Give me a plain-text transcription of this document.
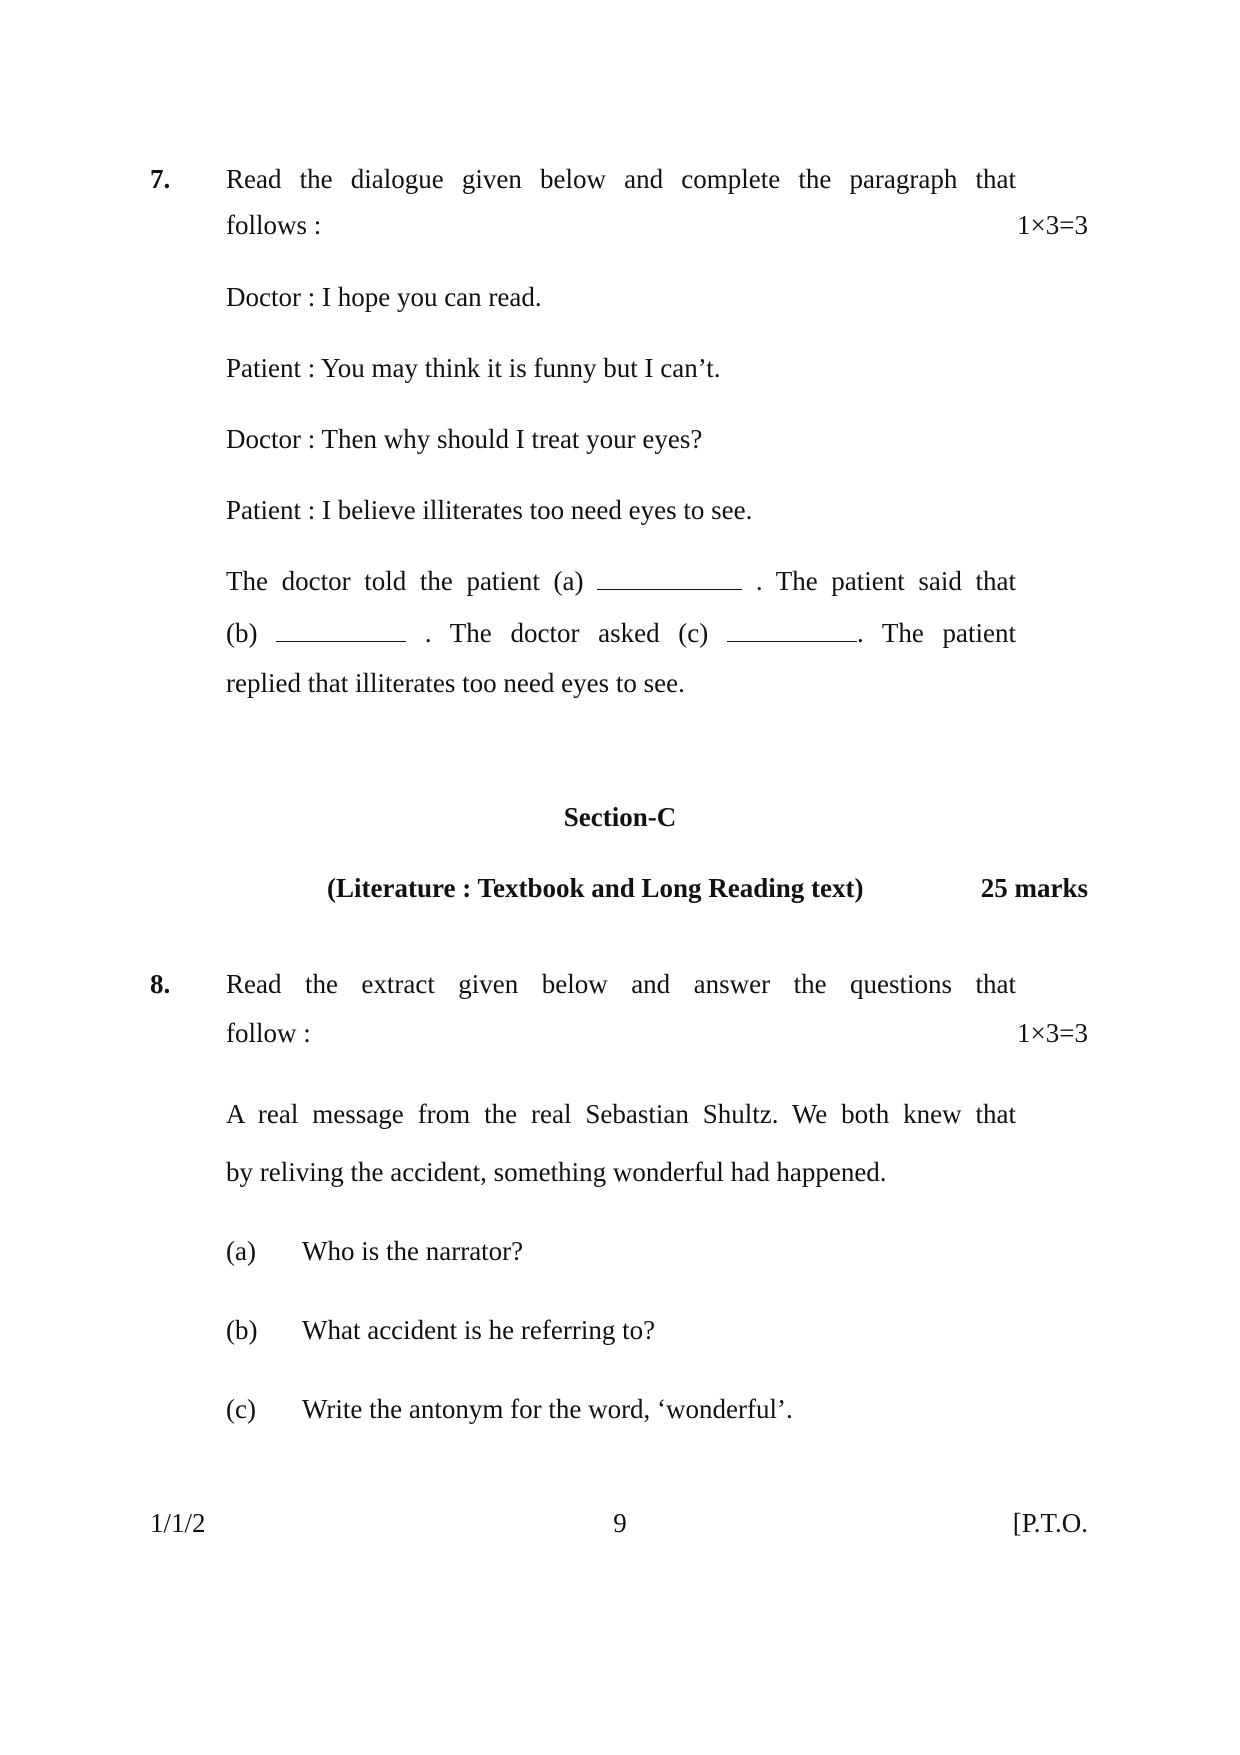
7. Read the dialogue given below and complete the paragraph that
follows :	1×3=3
Doctor : I hope you can read.
Patient : You may think it is funny but I can’t.
Doctor : Then why should I treat your eyes?
Patient : I believe illiterates too need eyes to see.
The doctor told the patient (a)	. The patient said that
(b)	. The doctor asked (c)	. The patient
replied that illiterates too need eyes to see.
Section-C
(Literature : Textbook and Long Reading text)	25 marks
8. Read the extract given below and answer the questions that
follow :	1×3=3
A real message from the real Sebastian Shultz. We both knew that
by reliving the accident, something wonderful had happened.
(a) Who is the narrator?
(b) What accident is he referring to?
(c) Write the antonym for the word, ‘wonderful’.
1/1/2	9	[P.T.O.
